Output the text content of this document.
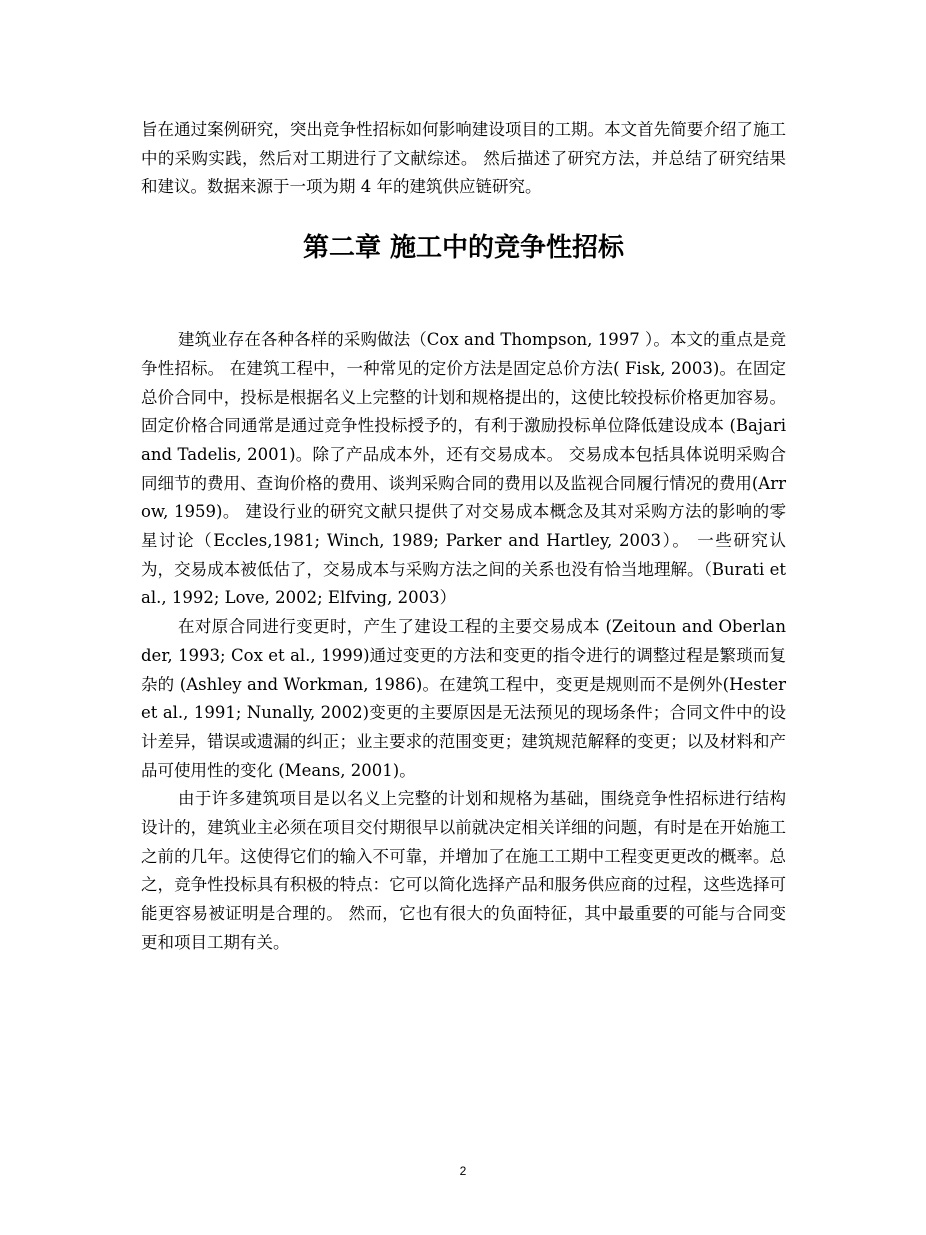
旨在通过案例研究，突出竞争性招标如何影响建设项目的工期。本文首先简要介绍了施工中的采购实践，然后对工期进行了文献综述。 然后描述了研究方法，并总结了研究结果和建议。数据来源于一项为期 4 年的建筑供应链研究。

第二章 施工中的竞争性招标

建筑业存在各种各样的采购做法（Cox and Thompson, 1997 ）。本文的重点是竞争性招标。 在建筑工程中，一种常见的定价方法是固定总价方法( Fisk, 2003)。在固定总价合同中，投标是根据名义上完整的计划和规格提出的，这使比较投标价格更加容易。固定价格合同通常是通过竞争性投标授予的，有利于激励投标单位降低建设成本 (Bajari and Tadelis, 2001)。除了产品成本外，还有交易成本。 交易成本包括具体说明采购合同细节的费用、查询价格的费用、谈判采购合同的费用以及监视合同履行情况的费用(Arrow, 1959)。 建设行业的研究文献只提供了对交易成本概念及其对采购方法的影响的零星讨论（Eccles,1981; Winch, 1989; Parker and Hartley, 2003）。 一些研究认为，交易成本被低估了，交易成本与采购方法之间的关系也没有恰当地理解。（Burati et al., 1992; Love, 2002; Elfving, 2003）

在对原合同进行变更时，产生了建设工程的主要交易成本 (Zeitoun and Oberlander, 1993; Cox et al., 1999)通过变更的方法和变更的指令进行的调整过程是繁琐而复杂的 (Ashley and Workman, 1986)。在建筑工程中，变更是规则而不是例外(Hester et al., 1991; Nunally, 2002)变更的主要原因是无法预见的现场条件；合同文件中的设计差异，错误或遗漏的纠正；业主要求的范围变更；建筑规范解释的变更；以及材料和产品可使用性的变化 (Means, 2001)。

由于许多建筑项目是以名义上完整的计划和规格为基础，围绕竞争性招标进行结构设计的，建筑业主必须在项目交付期很早以前就决定相关详细的问题，有时是在开始施工之前的几年。这使得它们的输入不可靠，并增加了在施工工期中工程变更更改的概率。总之，竞争性投标具有积极的特点：它可以简化选择产品和服务供应商的过程，这些选择可能更容易被证明是合理的。 然而，它也有很大的负面特征，其中最重要的可能与合同变更和项目工期有关。

2
